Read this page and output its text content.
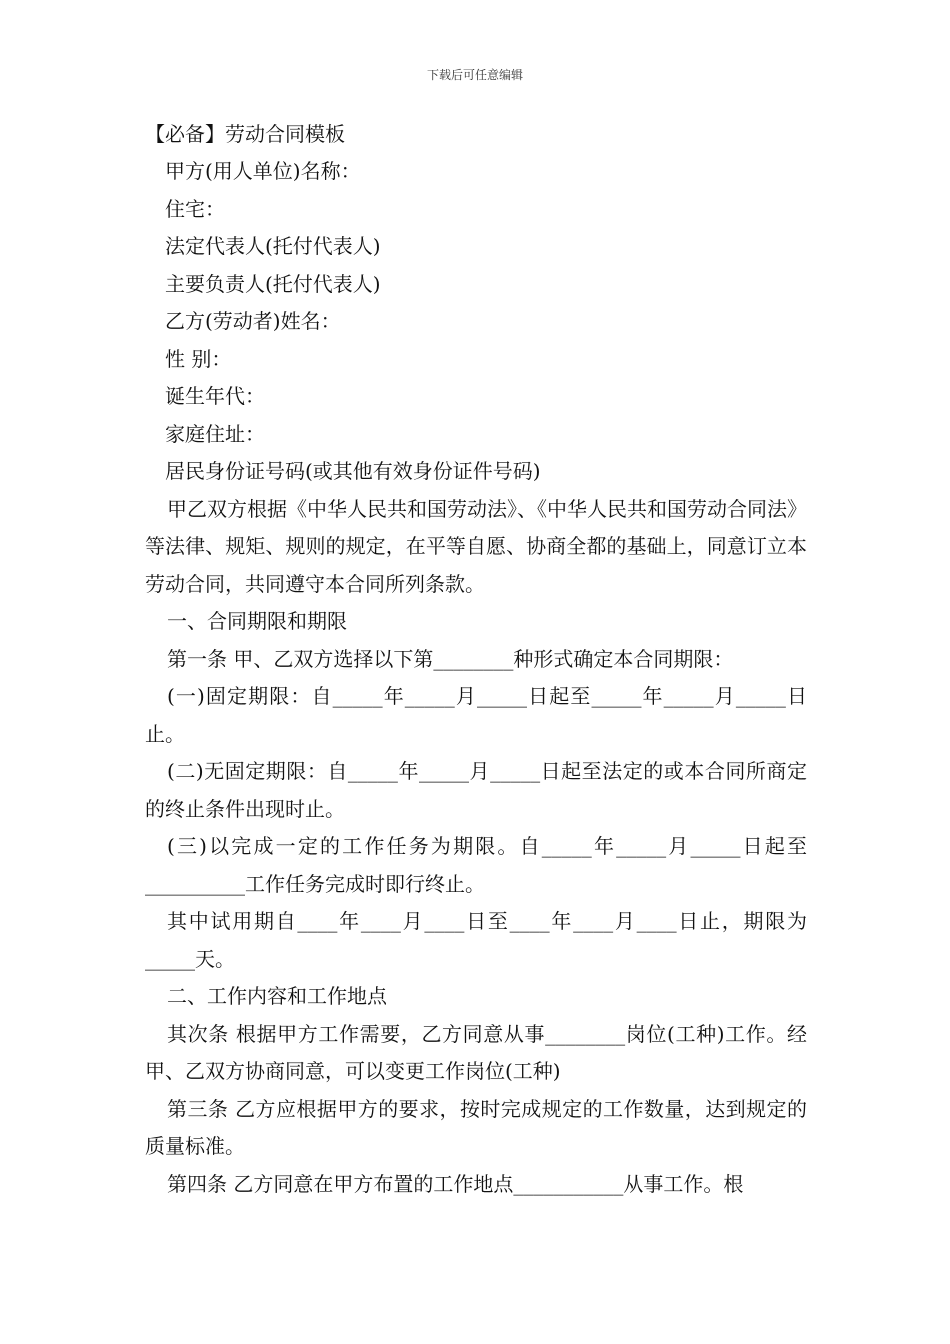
下载后可任意编辑

【必备】劳动合同模板

甲方(用人单位)名称：

住宅：

法定代表人(托付代表人)

主要负责人(托付代表人)

乙方(劳动者)姓名：

性 别：

诞生年代：

家庭住址：

居民身份证号码(或其他有效身份证件号码)

甲乙双方根据《中华人民共和国劳动法》、《中华人民共和国劳动合同法》等法律、规矩、规则的规定，在平等自愿、协商全都的基础上，同意订立本劳动合同，共同遵守本合同所列条款。

一、合同期限和期限

第一条 甲、乙双方选择以下第________种形式确定本合同期限：

(一)固定期限：自_____年_____月_____日起至_____年_____月_____日止。

(二)无固定期限：自_____年_____月_____日起至法定的或本合同所商定的终止条件出现时止。

(三)以完成一定的工作任务为期限。自_____年_____月_____日起至__________工作任务完成时即行终止。

其中试用期自____年____月____日至____年____月____日止，期限为_____天。

二、工作内容和工作地点

其次条 根据甲方工作需要，乙方同意从事________岗位(工种)工作。经甲、乙双方协商同意，可以变更工作岗位(工种)

第三条 乙方应根据甲方的要求，按时完成规定的工作数量，达到规定的质量标准。

第四条 乙方同意在甲方布置的工作地点___________从事工作。根
